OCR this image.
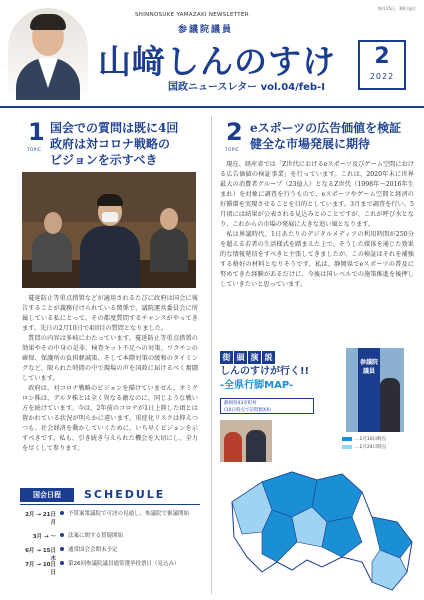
毎月15日、30日発行
SHINNOSUKE YAMAZAKI NEWSLETTER
参議院議員
山﨑しんのすけ
国政ニュースレター vol.04/feb-I
2
2022
1
TOPIC
国会での質問は既に4回
政府は対コロナ戦略の
ビジョンを示すべき

蔓延防止等重点措置などが適用されるたびに政府は国会に報告することが義務付けられている関係で、議院運営委員会に所属している私にとって、その都度質問するチャンスがやってきます。先日の2月10日で4回目の質問となりました。

質問の内容は多岐にわたっています。蔓延防止等重点措置の効果やその中身の是非、検査キット不足への対策、ワクチンの確保、保護所の負担軽減策、そして本際対策の緩和のタイミングなど、限られた時間の中で現場の声を国政に届けるべく奮闘しています。

政府は、対コロナ戦略のビジョンを描けていません。オミクロン株は、デルタ株とは全く異なる敵なのに、同じような戦い方を続けています。今は、2年前のコロナが1日上陸した頃とは置かれている状況が明らかに違います。重症化リスクは抑えつつも、社会経済を動かしていくために、いち早くビジョンを示すべきです。私も、引き続き与えられた機会を大切にし、全力を尽くして参ります。

国会日程	SCHEDULE
2月 → 21日月
予算案衆議院で可決の見通し、参議院で審議開始
3月 → 〜 法案に関する質疑開始
6月 → 15日水
通常国会会期末予定
7月 → 10日日
第26回参議院議員通常選挙投票日（見込み）
2
TOPIC
eスポーツの広告価値を検証
健全な市場発展に期待

現在、経産省では「Z世代におけるeスポーツ及びゲーム空間における広告価値の検証事業」を行っています。これは、2020年末に世界最大の消費者グループ（23億人）となるZ世代（1998年〜2016年生まれ）を対象に調査を行うもので、eスポーツやゲーム空間と経済の好循環を実現させることを目的としています。3月まで調査を行い、5月頃には結果が公表される見込みとのことですが、これが呼び水となり、これからの市場の発展に大きな追い風となります。

私は界議時代、1日あたりのデジタルメディアの利用時間が250分を超える若者の生活様式を踏まえた上で、そうした媒体を通じた効果的な情報発信をすべきと主張してきましたが、この検証はそれを補強する格好の材料となりそうです。私は、静岡県でeスポーツの普及に努めてきた経験があるだけに、今後は国レベルでの施策推進を後押ししていきたいと思っています。

街 頭 演 説
しんのすけが行く!!
-全県行脚MAP-
静岡県43市町村
(10日時点で訪問数XX)
参議院議員
…1月10日時点
…1月24日時点
